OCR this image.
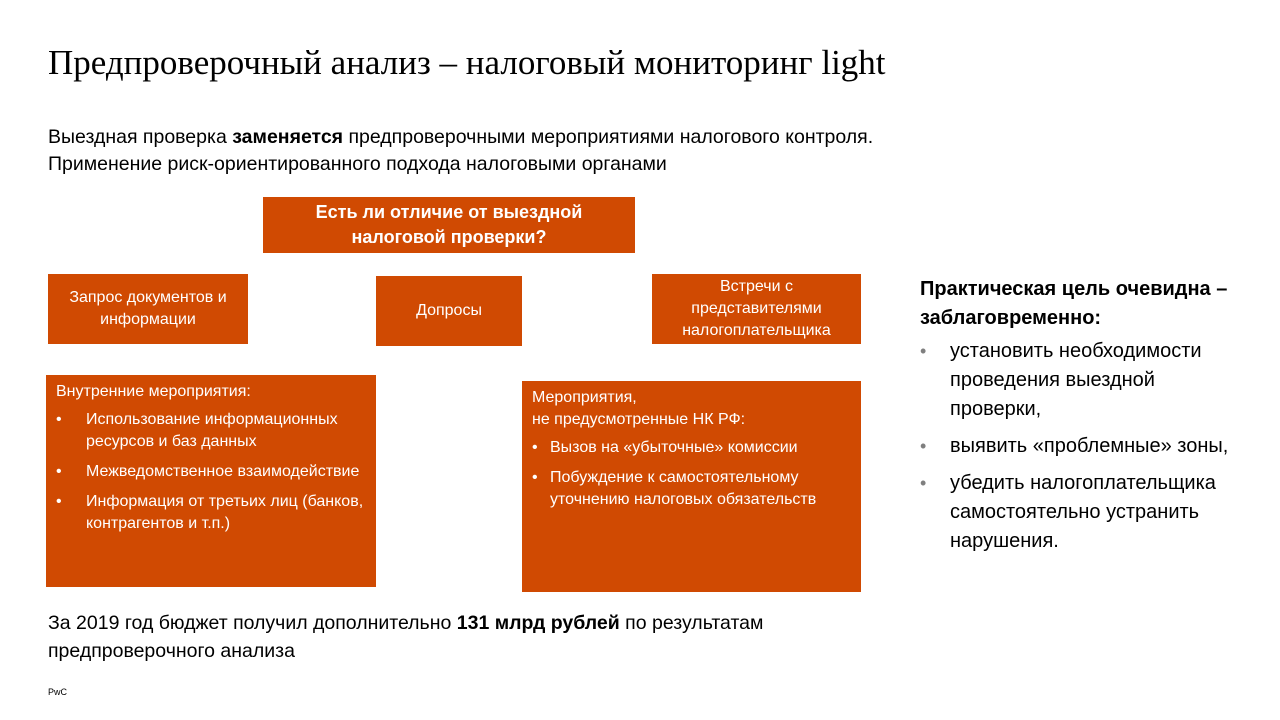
Предпроверочный анализ – налоговый мониторинг light

Выездная проверка заменяется предпроверочными мероприятиями налогового контроля.

Применение риск-ориентированного подхода налоговыми органами

Есть ли отличие от выездной налоговой проверки?
Запрос документов и информации
Допросы
Встречи с представителями налогоплательщика

Внутренние мероприятия:

• Использование информационных ресурсов и баз данных
• Межведомственное взаимодействие
• Информация от третьих лиц (банков, контрагентов и т.п.)

Мероприятия,
не предусмотренные НК РФ:

• Вызов на «убыточные» комиссии
• Побуждение к самостоятельному уточнению налоговых обязательств

За 2019 год бюджет получил дополнительно 131 млрд рублей по результатам предпроверочного анализа

Практическая цель очевидна – заблаговременно:

• установить необходимости проведения выездной проверки,
• выявить «проблемные» зоны,
• убедить налогоплательщика самостоятельно устранить нарушения.
PwC
